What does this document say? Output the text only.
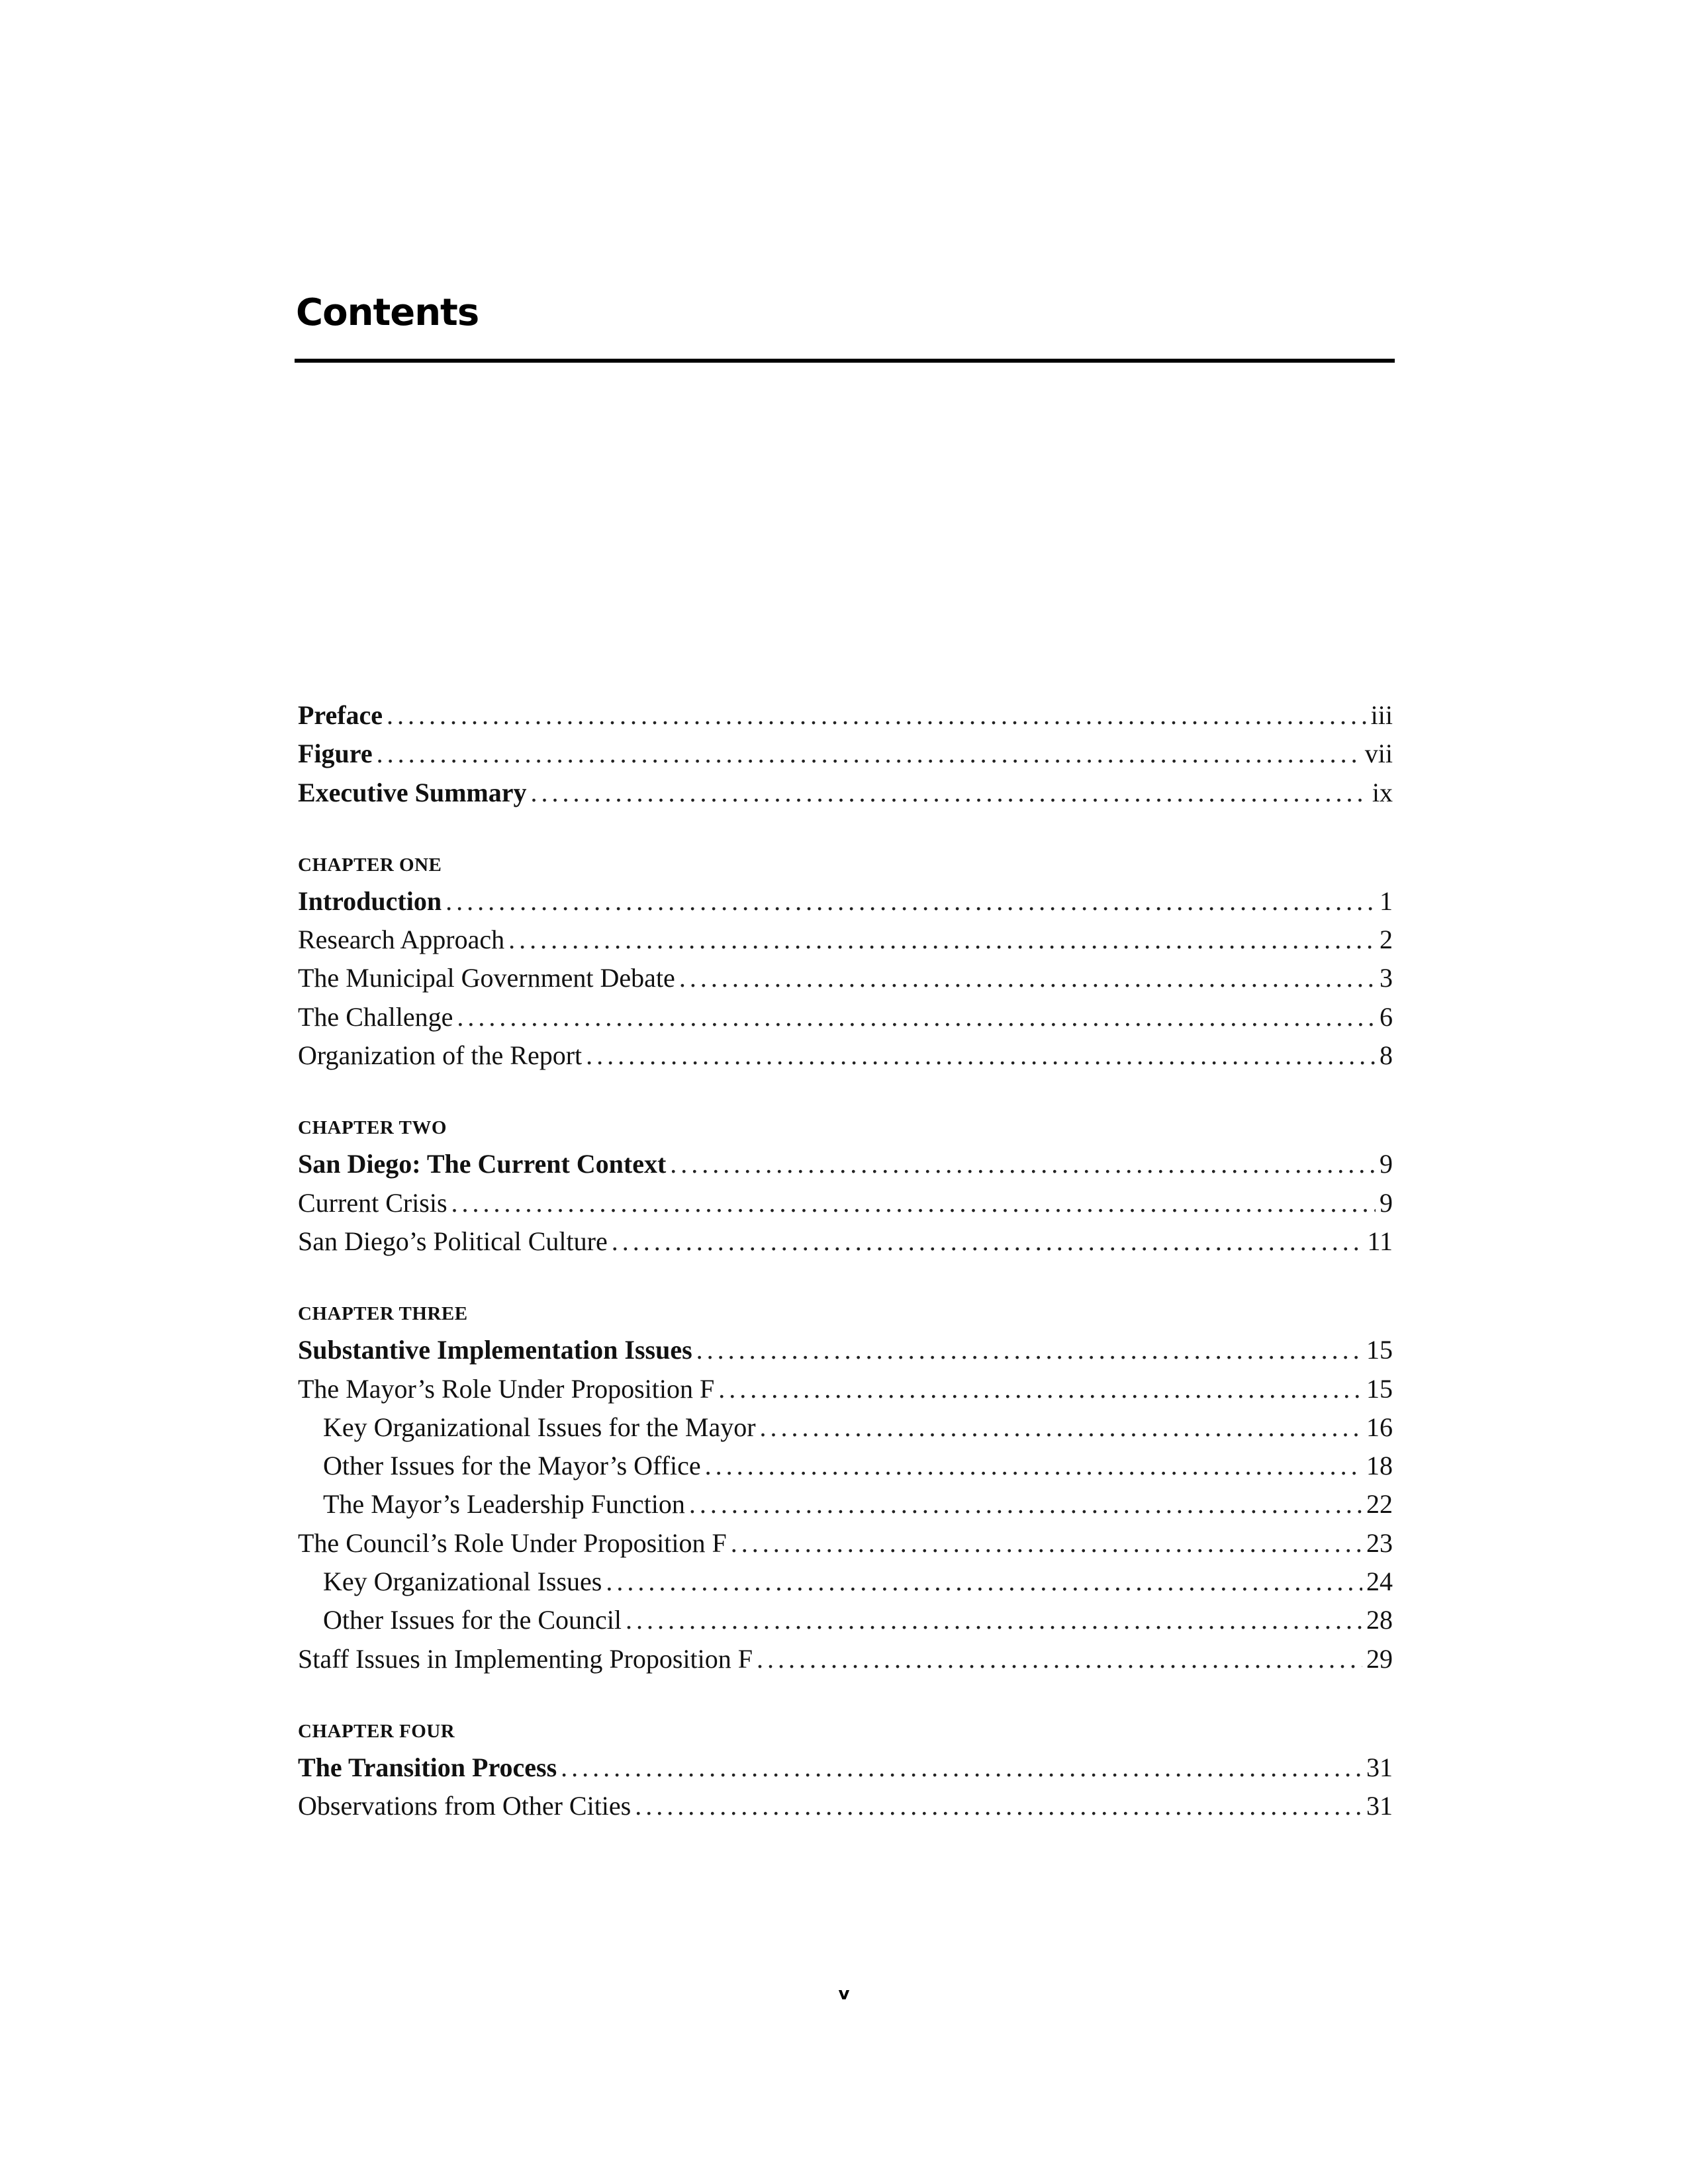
Contents
Preface . . .	iii
Figure . . .	vii
Executive Summary . . .	ix
CHAPTER ONE
Introduction . . .	1
Research Approach . . .	2
The Municipal Government Debate . . .	3
The Challenge . . .	6
Organization of the Report . . .	8
CHAPTER TWO
San Diego: The Current Context . . .	9
Current Crisis . . .	9
San Diego’s Political Culture . . .	11
CHAPTER THREE
Substantive Implementation Issues . . .	15
The Mayor’s Role Under Proposition F . . .	15
Key Organizational Issues for the Mayor . . .	16
Other Issues for the Mayor’s Office . . .	18
The Mayor’s Leadership Function . . .	22
The Council’s Role Under Proposition F . . .	23
Key Organizational Issues . . .	24
Other Issues for the Council . . .	28
Staff Issues in Implementing Proposition F . . .	29
CHAPTER FOUR
The Transition Process . . .	31
Observations from Other Cities . . .	31
v
